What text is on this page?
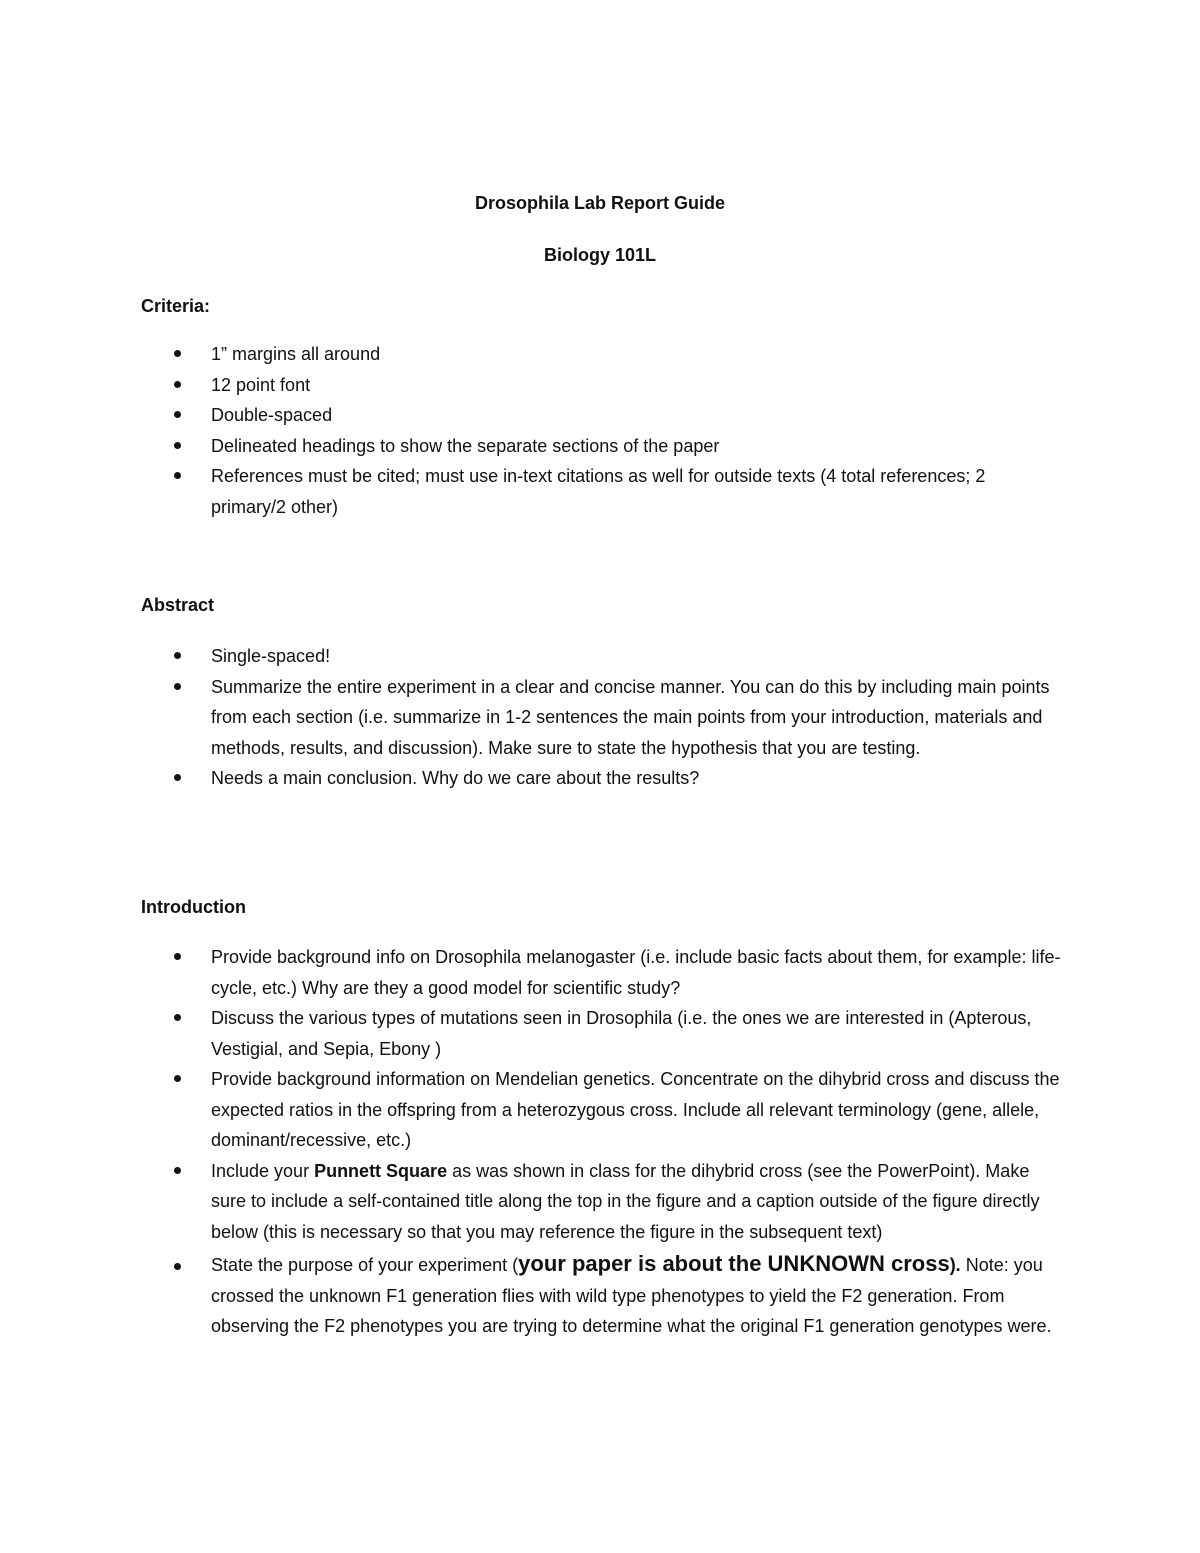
Drosophila Lab Report Guide
Biology 101L
Criteria:
1” margins all around
12 point font
Double-spaced
Delineated headings to show the separate sections of the paper
References must be cited; must use in-text citations as well for outside texts (4 total references; 2 primary/2 other)
Abstract
Single-spaced!
Summarize the entire experiment in a clear and concise manner. You can do this by including main points from each section (i.e. summarize in 1-2 sentences the main points from your introduction, materials and methods, results, and discussion). Make sure to state the hypothesis that you are testing.
Needs a main conclusion. Why do we care about the results?
Introduction
Provide background info on Drosophila melanogaster (i.e. include basic facts about them, for example: life-cycle, etc.) Why are they a good model for scientific study?
Discuss the various types of mutations seen in Drosophila (i.e. the ones we are interested in (Apterous, Vestigial, and Sepia, Ebony )
Provide background information on Mendelian genetics. Concentrate on the dihybrid cross and discuss the expected ratios in the offspring from a heterozygous cross. Include all relevant terminology (gene, allele, dominant/recessive, etc.)
Include your Punnett Square as was shown in class for the dihybrid cross (see the PowerPoint). Make sure to include a self-contained title along the top in the figure and a caption outside of the figure directly below (this is necessary so that you may reference the figure in the subsequent text)
State the purpose of your experiment (your paper is about the UNKNOWN cross). Note: you crossed the unknown F1 generation flies with wild type phenotypes to yield the F2 generation. From observing the F2 phenotypes you are trying to determine what the original F1 generation genotypes were.
